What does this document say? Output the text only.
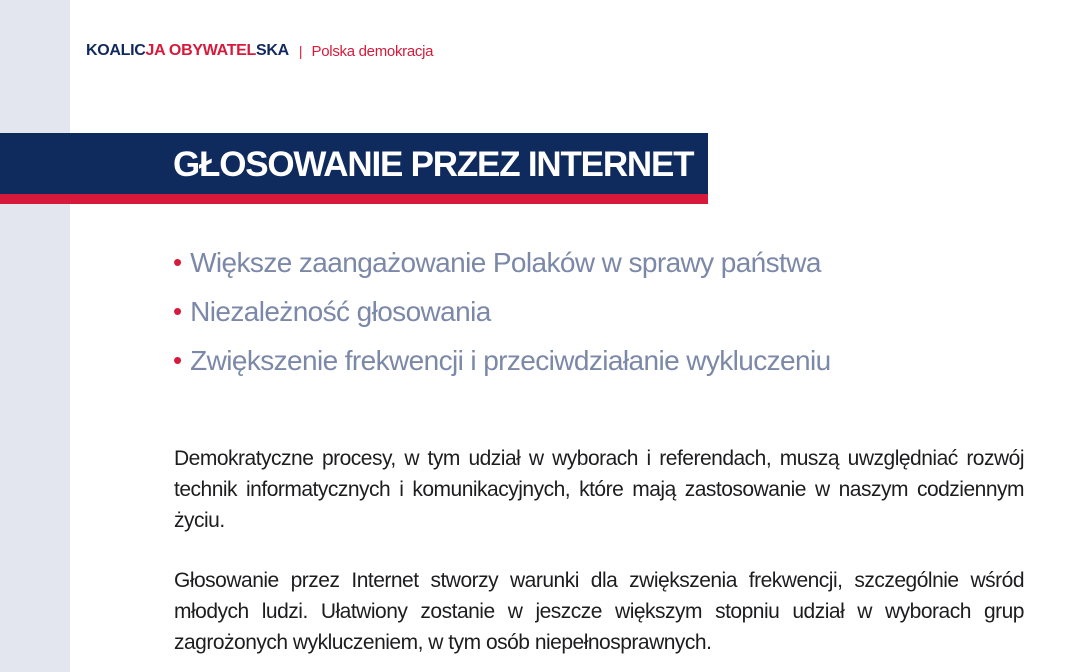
KOALICJA OBYWATELSKA | Polska demokracja
GŁOSOWANIE PRZEZ INTERNET
• Większe zaangażowanie Polaków w sprawy państwa
• Niezależność głosowania
• Zwiększenie frekwencji i przeciwdziałanie wykluczeniu

Demokratyczne procesy, w tym udział w wyborach i referendach, muszą uwzględniać rozwój technik informatycznych i komunikacyjnych, które mają zastosowanie w naszym codziennym życiu.

Głosowanie przez Internet stworzy warunki dla zwiększenia frekwencji, szczególnie wśród młodych ludzi. Ułatwiony zostanie w jeszcze większym stopniu udział w wyborach grup zagrożonych wykluczeniem, w tym osób niepełnosprawnych.
